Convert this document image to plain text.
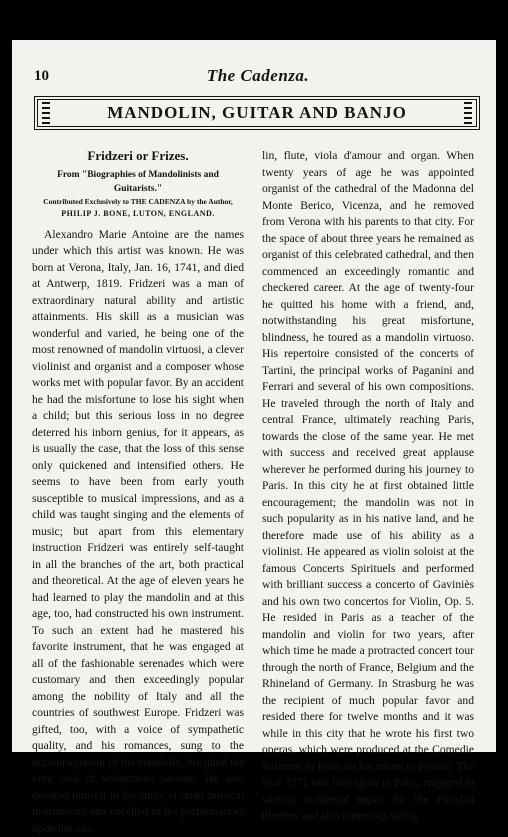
10	The Cadenza.
MANDOLIN, GUITAR AND BANJO
Fridzeri or Frizes.
From "Biographies of Mandolinists and Guitarists."
Contributed Exclusively to THE CADENZA by the Author,
PHILIP J. BONE, LUTON, ENGLAND.

Alexandro Marie Antoine are the names under which this artist was known. He was born at Verona, Italy, Jan. 16, 1741, and died at Antwerp, 1819. Fridzeri was a man of extraordinary natural ability and artistic attainments. His skill as a musician was wonderful and varied, he being one of the most renowned of mandolin virtuosi, a clever violinist and organist and a composer whose works met with popular favor. By an accident he had the misfortune to lose his sight when a child; but this serious loss in no degree deterred his inborn genius, for it appears, as is usually the case, that the loss of this sense only quickened and intensified others. He seems to have been from early youth susceptible to musical impressions, and as a child was taught singing and the elements of music; but apart from this elementary instruction Fridzeri was entirely self-taught in all the branches of the art, both practical and theoretical. At the age of eleven years he had learned to play the mandolin and at this age, too, had constructed his own instrument. To such an extent had he mastered his favorite instrument, that he was engaged at all of the fashionable serenades which were customary and then exceedingly popular among the nobility of Italy and all the countries of southwest Europe. Fridzeri was gifted, too, with a voice of sympathetic quality, and his romances, sung to the accompaniment of his mandolin, breathed the very soul of voluptuous passion. He also devoted himself to the study of other musical instruments and excelled in his performances upon the vio-

lin, flute, viola d'amour and organ. When twenty years of age he was appointed organist of the cathedral of the Madonna del Monte Berico, Vicenza, and he removed from Verona with his parents to that city. For the space of about three years he remained as organist of this celebrated cathedral, and then commenced an exceedingly romantic and checkered career. At the age of twenty-four he quitted his home with a friend, and, notwithstanding his great misfortune, blindness, he toured as a mandolin virtuoso. His repertoire consisted of the concerts of Tartini, the principal works of Paganini and Ferrari and several of his own compositions. He traveled through the north of Italy and central France, ultimately reaching Paris, towards the close of the same year. He met with success and received great applause wherever he performed during his journey to Paris. In this city he at first obtained little encouragement; the mandolin was not in such popularity as in his native land, and he therefore made use of his ability as a violinist. He appeared as violin soloist at the famous Concerts Spirituels and performed with brilliant success a concerto of Gaviniès and his own two concertos for Violin, Op. 5. He resided in Paris as a teacher of the mandolin and violin for two years, after which time he made a protracted concert tour through the north of France, Belgium and the Rhineland of Germany. In Strasburg he was the recipient of much popular favor and resided there for twelve months and it was while in this city that he wrote his first two operas, which were produced at the Comedie Italienne in Paris on his return to France. The year 1771 saw him again in Paris, engaged in writing incidental music for the Parisian theatres and also numerous string
